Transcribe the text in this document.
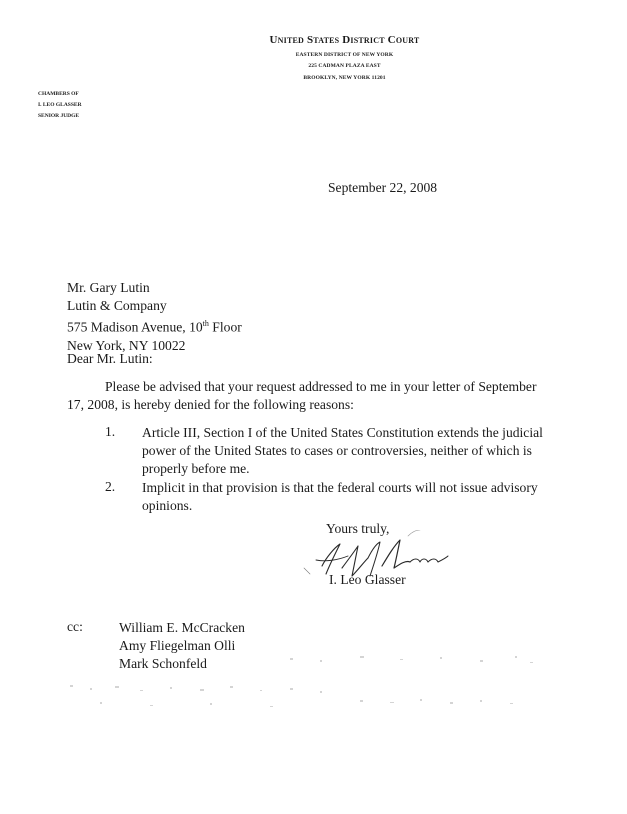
United States District Court
EASTERN DISTRICT OF NEW YORK
225 CADMAN PLAZA EAST
BROOKLYN, NEW YORK 11201
CHAMBERS OF
I. LEO GLASSER
SENIOR JUDGE
September 22, 2008
Mr. Gary Lutin
Lutin & Company
575 Madison Avenue, 10th Floor
New York, NY 10022
Dear Mr. Lutin:
Please be advised that your request addressed to me in your letter of September
17, 2008, is hereby denied for the following reasons:
1. Article III, Section I of the United States Constitution extends the judicial
power of the United States to cases or controversies, neither of which is
properly before me.
2. Implicit in that provision is that the federal courts will not issue advisory
opinions.
Yours truly,
I. Leo Glasser
cc:	William E. McCracken
Amy Fliegelman Olli
Mark Schonfeld
